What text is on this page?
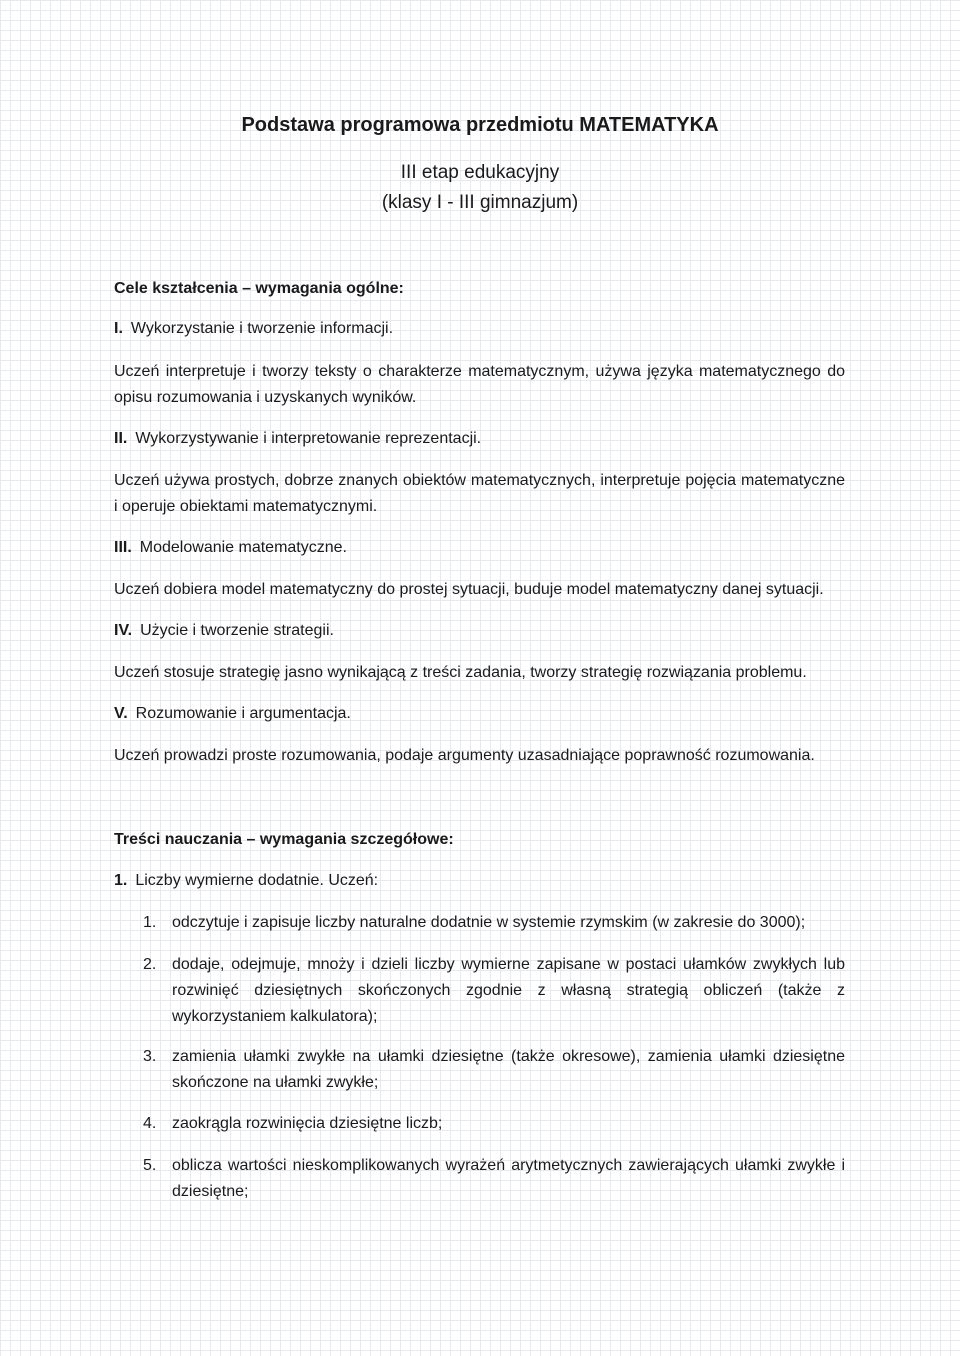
Podstawa programowa przedmiotu MATEMATYKA
III etap edukacyjny
(klasy I - III gimnazjum)
Cele kształcenia – wymagania ogólne:
I. Wykorzystanie i tworzenie informacji.
Uczeń interpretuje i tworzy teksty o charakterze matematycznym, używa języka matematycznego do opisu rozumowania i uzyskanych wyników.
II. Wykorzystywanie i interpretowanie reprezentacji.
Uczeń używa prostych, dobrze znanych obiektów matematycznych, interpretuje pojęcia matematyczne i operuje obiektami matematycznymi.
III. Modelowanie matematyczne.
Uczeń dobiera model matematyczny do prostej sytuacji, buduje model matematyczny danej sytuacji.
IV. Użycie i tworzenie strategii.
Uczeń stosuje strategię jasno wynikającą z treści zadania, tworzy strategię rozwiązania problemu.
V. Rozumowanie i argumentacja.
Uczeń prowadzi proste rozumowania, podaje argumenty uzasadniające poprawność rozumowania.
Treści nauczania – wymagania szczegółowe:
1. Liczby wymierne dodatnie. Uczeń:
1. odczytuje i zapisuje liczby naturalne dodatnie w systemie rzymskim (w zakresie do 3000);
2. dodaje, odejmuje, mnoży i dzieli liczby wymierne zapisane w postaci ułamków zwykłych lub rozwinięć dziesiętnych skończonych zgodnie z własną strategią obliczeń (także z wykorzystaniem kalkulatora);
3. zamienia ułamki zwykłe na ułamki dziesiętne (także okresowe), zamienia ułamki dziesiętne skończone na ułamki zwykłe;
4. zaokrągla rozwinięcia dziesiętne liczb;
5. oblicza wartości nieskomplikowanych wyrażeń arytmetycznych zawierających ułamki zwykłe i dziesiętne;
